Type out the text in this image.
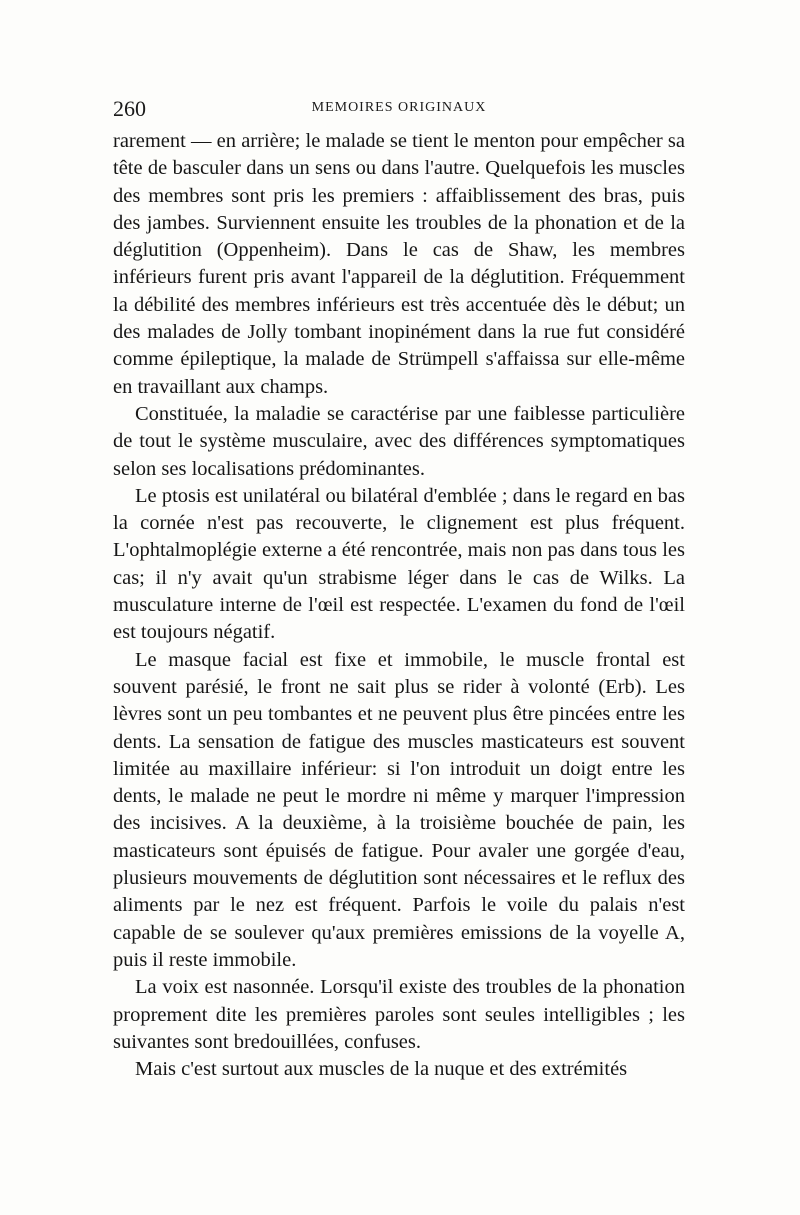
260	MEMOIRES ORIGINAUX

rarement — en arrière; le malade se tient le menton pour empêcher sa tête de basculer dans un sens ou dans l'autre. Quelquefois les muscles des membres sont pris les premiers : affaiblissement des bras, puis des jambes. Surviennent ensuite les troubles de la phonation et de la déglutition (Oppenheim). Dans le cas de Shaw, les membres inférieurs furent pris avant l'appareil de la déglutition. Fréquemment la débilité des membres inférieurs est très accentuée dès le début; un des malades de Jolly tombant inopinément dans la rue fut considéré comme épileptique, la malade de Strümpell s'affaissa sur elle-même en travaillant aux champs.

Constituée, la maladie se caractérise par une faiblesse particulière de tout le système musculaire, avec des différences symptomatiques selon ses localisations prédominantes.

Le ptosis est unilatéral ou bilatéral d'emblée ; dans le regard en bas la cornée n'est pas recouverte, le clignement est plus fréquent. L'ophtalmoplégie externe a été rencontrée, mais non pas dans tous les cas; il n'y avait qu'un strabisme léger dans le cas de Wilks. La musculature interne de l'œil est respectée. L'examen du fond de l'œil est toujours négatif.

Le masque facial est fixe et immobile, le muscle frontal est souvent parésié, le front ne sait plus se rider à volonté (Erb). Les lèvres sont un peu tombantes et ne peuvent plus être pincées entre les dents. La sensation de fatigue des muscles masticateurs est souvent limitée au maxillaire inférieur: si l'on introduit un doigt entre les dents, le malade ne peut le mordre ni même y marquer l'impression des incisives. A la deuxième, à la troisième bouchée de pain, les masticateurs sont épuisés de fatigue. Pour avaler une gorgée d'eau, plusieurs mouvements de déglutition sont nécessaires et le reflux des aliments par le nez est fréquent. Parfois le voile du palais n'est capable de se soulever qu'aux premières emissions de la voyelle A, puis il reste immobile.

La voix est nasonnée. Lorsqu'il existe des troubles de la phonation proprement dite les premières paroles sont seules intelligibles ; les suivantes sont bredouillées, confuses.

Mais c'est surtout aux muscles de la nuque et des extrémités
